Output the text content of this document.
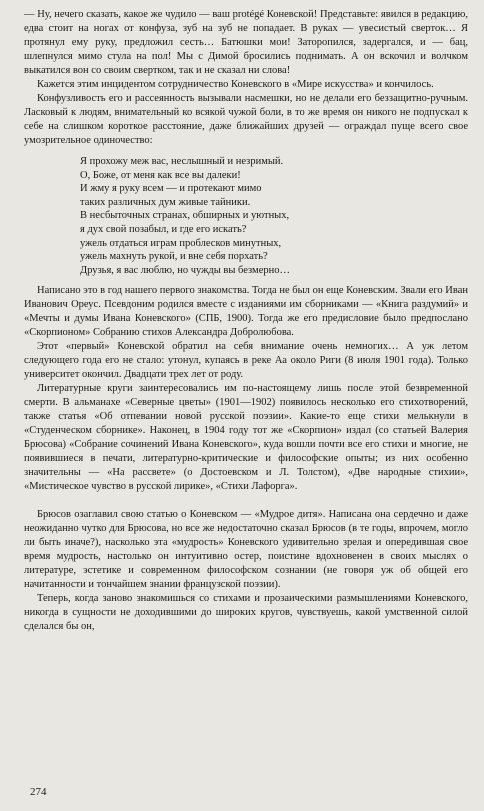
— Ну, нечего сказать, какое же чудило — ваш protégé Коневской! Представьте: явился в редакцию, едва стоит на ногах от конфуза, зуб на зуб не попадает. В руках — увесистый сверток… Я протянул ему руку, предложил сесть… Батюшки мои! Заторопился, задергался, и — бац, шлепнулся мимо стула на пол! Мы с Димой бросились поднимать. А он вскочил и волчком выкатился вон со своим свертком, так и не сказал ни слова!

Кажется этим инцидентом сотрудничество Коневского в «Мире искусства» и кончилось.

Конфузливость его и рассеянность вызывали насмешки, но не делали его беззащитно-ручным. Ласковый к людям, внимательный ко всякой чужой боли, в то же время он никого не подпускал к себе на слишком короткое расстояние, даже ближайших друзей — ограждал пуще всего свое умозрительное одиночество:

Я прохожу меж вас, неслышный и незримый.
О, Боже, от меня как все вы далеки!
И жму я руку всем — и протекают мимо
таких различных дум живые тайники.
В несбыточных странах, обширных и уютных,
я дух свой позабыл, и где его искать?
ужель отдаться играм проблесков минутных,
ужель махнуть рукой, и вне себя порхать?
Друзья, я вас люблю, но чужды вы безмерно…

Написано это в год нашего первого знакомства. Тогда не был он еще Коневским. Звали его Иван Иванович Ореус. Псевдоним родился вместе с изданиями им сборниками — «Книга раздумий» и «Мечты и думы Ивана Коневского» (СПБ, 1900). Тогда же его предисловие было предпослано «Скорпионом» Собранию стихов Александра Добролюбова.

Этот «первый» Коневской обратил на себя внимание очень немногих… А уж летом следующего года его не стало: утонул, купаясь в реке Аа около Риги (8 июля 1901 года). Только университет окончил. Двадцати трех лет от роду.

Литературные круги заинтересовались им по-настоящему лишь после этой безвременной смерти. В альманахе «Северные цветы» (1901—1902) появилось несколько его стихотворений, также статья «Об отпевании новой русской поэзии». Какие-то еще стихи мелькнули в «Студенческом сборнике». Наконец, в 1904 году тот же «Скорпион» издал (со статьей Валерия Брюсова) «Собрание сочинений Ивана Коневского», куда вошли почти все его стихи и многие, не появившиеся в печати, литературно-критические и философские опыты; из них особенно значительны — «На рассвете» (о Достоевском и Л. Толстом), «Две народные стихии», «Мистическое чувство в русской лирике», «Стихи Лафорга».

Брюсов озаглавил свою статью о Коневском — «Мудрое дитя». Написана она сердечно и даже неожиданно чутко для Брюсова, но все же недостаточно сказал Брюсов (в те годы, впрочем, могло ли быть иначе?), насколько эта «мудрость» Коневского удивительно зрелая и опередившая свое время мудрость, настолько он интуитивно остер, поистине вдохновенен в своих мыслях о литературе, эстетике и современном философском сознании (не говоря уж об общей его начитанности и тончайшем знании французской поэзии).

Теперь, когда заново знакомишься со стихами и прозаическими размышлениями Коневского, никогда в сущности не доходившими до широких кругов, чувствуешь, какой умственной силой сделался бы он,

274
